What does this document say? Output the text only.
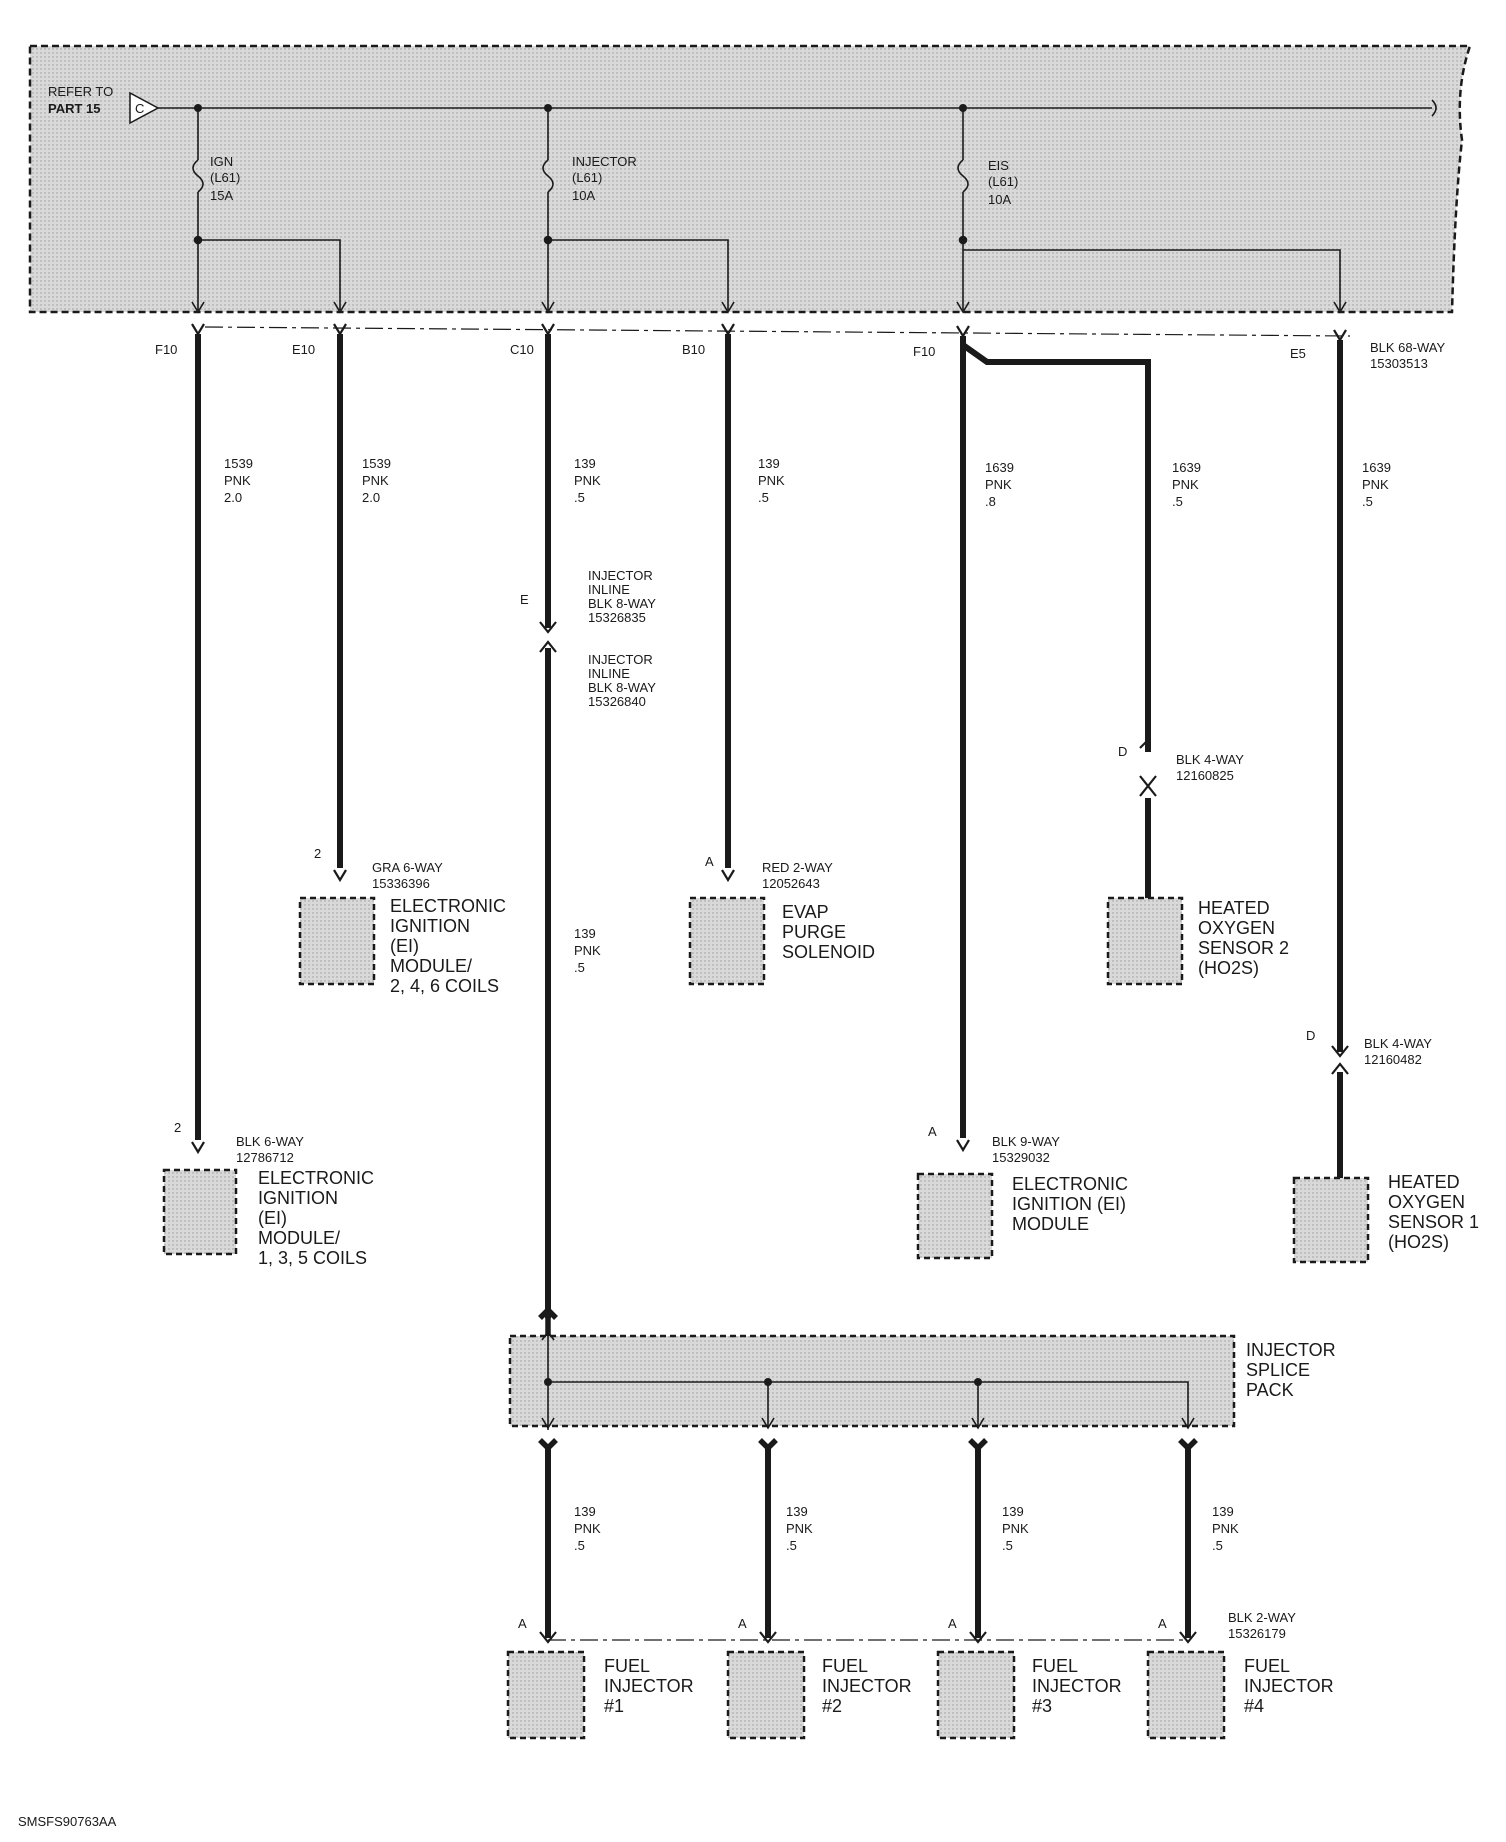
REFER TO
PART 15	C
IGN
(L61)
15A
INJECTOR
(L61)
10A
EIS
(L61)
10A
F10	E10	C10	B10	F10	E5	BLK 68-WAY
15303513
1539
PNK
2.0
1539
PNK
2.0
139
PNK
.5
139
PNK
.5
1639
PNK
.8
1639
PNK
.5
1639
PNK
.5
139
PNK
.5
139
PNK
.5
139
PNK
.5
139
PNK
.5
139
PNK
.5
E
INJECTOR
INLINE
BLK 8-WAY
15326835
INJECTOR
INLINE
BLK 8-WAY
15326840
2
GRA 6-WAY
15336396
A	RED 2-WAY
12052643
D
BLK 4-WAY
12160825
D
BLK 4-WAY
12160482
2
BLK 6-WAY
12786712
A
BLK 9-WAY
15329032
ELECTRONIC
IGNITION
(EI)
MODULE/
2, 4, 6 COILS
EVAP
PURGE
SOLENOID
HEATED
OXYGEN
SENSOR 2
(HO2S)
ELECTRONIC
IGNITION
(EI)
MODULE/
1, 3, 5 COILS
ELECTRONIC
IGNITION (EI)
MODULE
HEATED
OXYGEN
SENSOR 1
(HO2S)
INJECTOR
SPLICE
PACK
A	A	A	A	BLK 2-WAY
15326179
FUEL
INJECTOR
#1
FUEL
INJECTOR
#2
FUEL
INJECTOR
#3
FUEL
INJECTOR
#4
SMSFS90763AA
